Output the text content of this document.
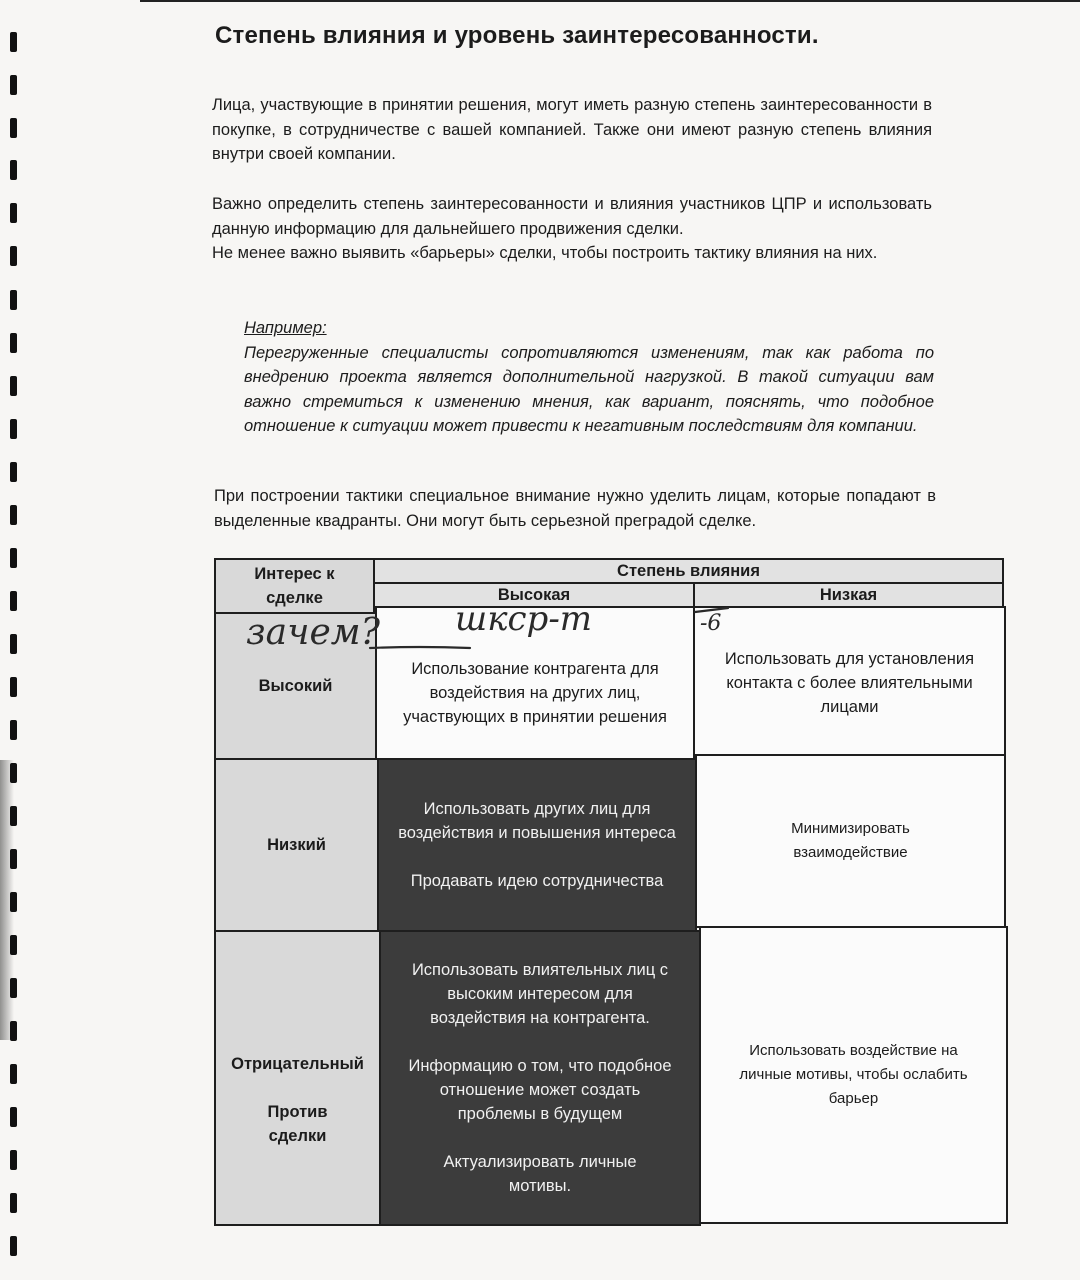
Степень влияния и уровень заинтересованности.

Лица, участвующие в принятии решения, могут иметь разную степень заинтересованности в покупке, в сотрудничестве с вашей компанией. Также они имеют разную степень влияния внутри своей компании.

Важно определить степень заинтересованности и влияния участников ЦПР и использовать данную информацию для дальнейшего продвижения сделки.

Не менее важно выявить «барьеры» сделки, чтобы построить тактику влияния на них.

Например:
Перегруженные специалисты сопротивляются изменениям, так как работа по внедрению проекта является дополнительной нагрузкой. В такой ситуации вам важно стремиться к изменению мнения, как вариант, пояснять, что подобное отношение к ситуации может привести к негативным последствиям для компании.

При построении тактики специальное внимание нужно уделить лицам, которые попадают в выделенные квадранты. Они могут быть серьезной преградой сделке.

Интерес к сделке
Степень влияния
Высокая	Низкая
Высокий
Использование контрагента для воздействия на других лиц, участвующих в принятии решения
Использовать для установления контакта с более влиятельными лицами
Низкий
Использовать других лиц для воздействия и повышения интереса
Продавать идею сотрудничества
Минимизировать взаимодействие
Отрицательный
Против сделки
Использовать влиятельных лиц с высоким интересом для воздействия на контрагента.
Информацию о том, что подобное отношение может создать проблемы в будущем
Актуализировать личные мотивы.
Использовать воздействие на личные мотивы, чтобы ослабить барьер
зачем? шкср-т	-6
